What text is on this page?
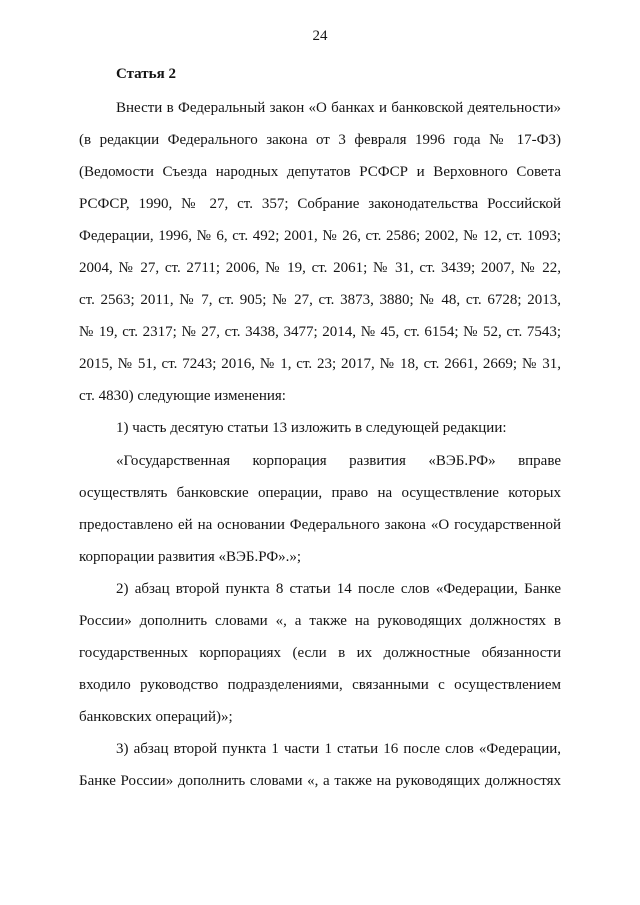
24
Статья 2
Внести в Федеральный закон «О банках и банковской деятельности»
(в редакции Федерального закона от 3 февраля 1996 года № 17-ФЗ)
(Ведомости Съезда народных депутатов РСФСР и Верховного Совета
РСФСР, 1990, № 27, ст. 357; Собрание законодательства Российской
Федерации, 1996, № 6, ст. 492; 2001, № 26, ст. 2586; 2002, № 12, ст. 1093;
2004, № 27, ст. 2711; 2006, № 19, ст. 2061; № 31, ст. 3439; 2007, № 22,
ст. 2563; 2011, № 7, ст. 905; № 27, ст. 3873, 3880; № 48, ст. 6728; 2013,
№ 19, ст. 2317; № 27, ст. 3438, 3477; 2014, № 45, ст. 6154; № 52, ст. 7543;
2015, № 51, ст. 7243; 2016, № 1, ст. 23; 2017, № 18, ст. 2661, 2669; № 31,
ст. 4830) следующие изменения:
1) часть десятую статьи 13 изложить в следующей редакции:
«Государственная корпорация развития «ВЭБ.РФ» вправе
осуществлять банковские операции, право на осуществление которых
предоставлено ей на основании Федерального закона «О государственной
корпорации развития «ВЭБ.РФ».»;
2) абзац второй пункта 8 статьи 14 после слов «Федерации, Банке
России» дополнить словами «, а также на руководящих должностях в
государственных корпорациях (если в их должностные обязанности
входило руководство подразделениями, связанными с осуществлением
банковских операций)»;
3) абзац второй пункта 1 части 1 статьи 16 после слов «Федерации,
Банке России» дополнить словами «, а также на руководящих должностях
